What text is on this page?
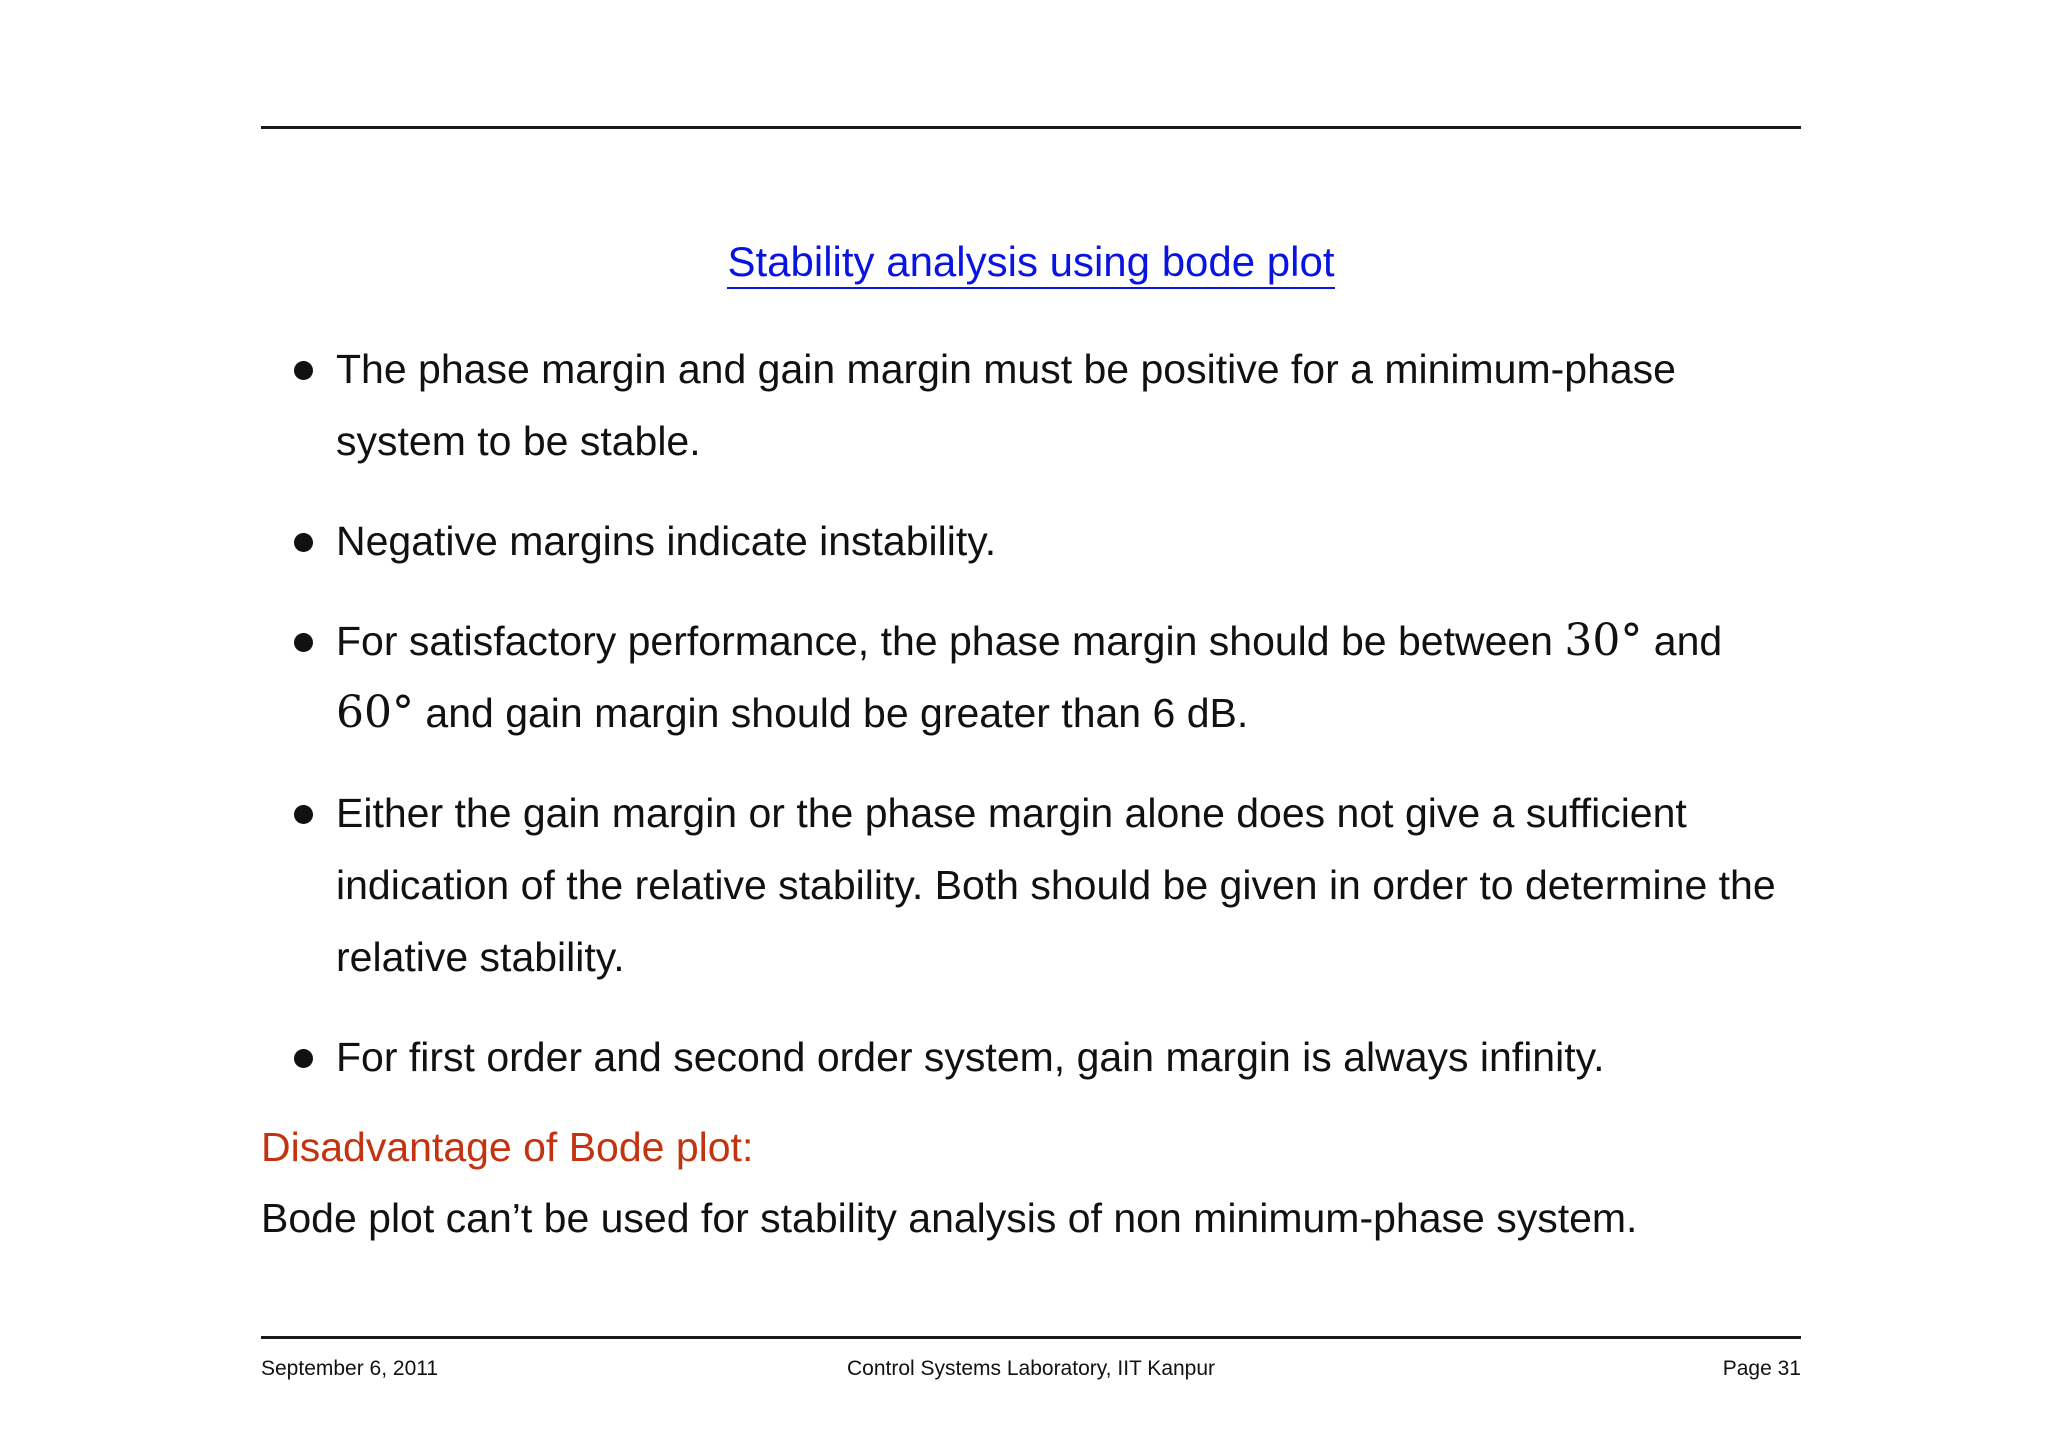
Stability analysis using bode plot
The phase margin and gain margin must be positive for a minimum-phase
system to be stable.
Negative margins indicate instability.
For satisfactory performance, the phase margin should be between 30° and
60° and gain margin should be greater than 6 dB.
Either the gain margin or the phase margin alone does not give a sufficient
indication of the relative stability. Both should be given in order to determine the
relative stability.
For first order and second order system, gain margin is always infinity.
Disadvantage of Bode plot:
Bode plot can’t be used for stability analysis of non minimum-phase system.
September 6, 2011	Control Systems Laboratory, IIT Kanpur	Page 31
